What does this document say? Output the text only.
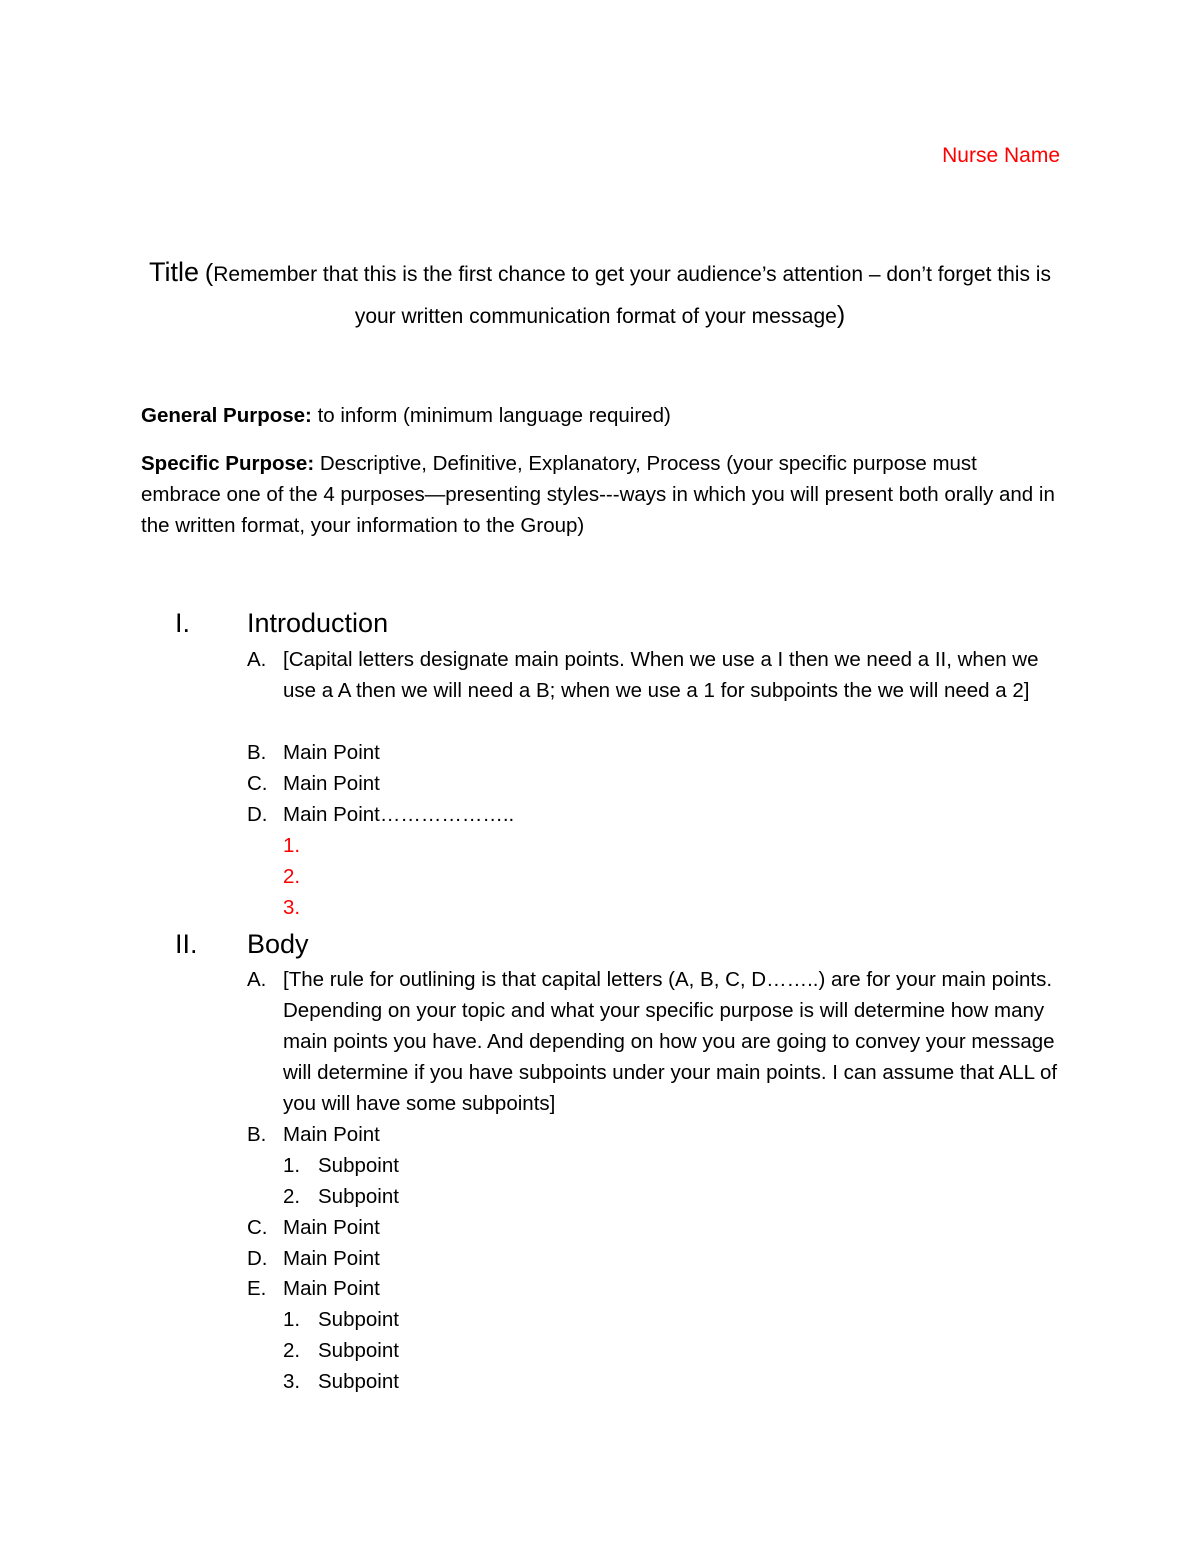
Nurse Name
Title (Remember that this is the first chance to get your audience’s attention – don’t forget this is your written communication format of your message)
General Purpose: to inform (minimum language required)
Specific Purpose: Descriptive, Definitive, Explanatory, Process (your specific purpose must embrace one of the 4 purposes—presenting styles---ways in which you will present both orally and in the written format, your information to the Group)
I. Introduction
A. [Capital letters designate main points. When we use a I then we need a II, when we use a A then we will need a B; when we use a 1 for subpoints the we will need a 2]
B. Main Point
C. Main Point
D. Main Point………………..
1.
2.
3.
II. Body
A. [The rule for outlining is that capital letters (A, B, C, D……..) are for your main points. Depending on your topic and what your specific purpose is will determine how many main points you have. And depending on how you are going to convey your message will determine if you have subpoints under your main points. I can assume that ALL of you will have some subpoints]
B. Main Point
1. Subpoint
2. Subpoint
C. Main Point
D. Main Point
E. Main Point
1. Subpoint
2. Subpoint
3. Subpoint
